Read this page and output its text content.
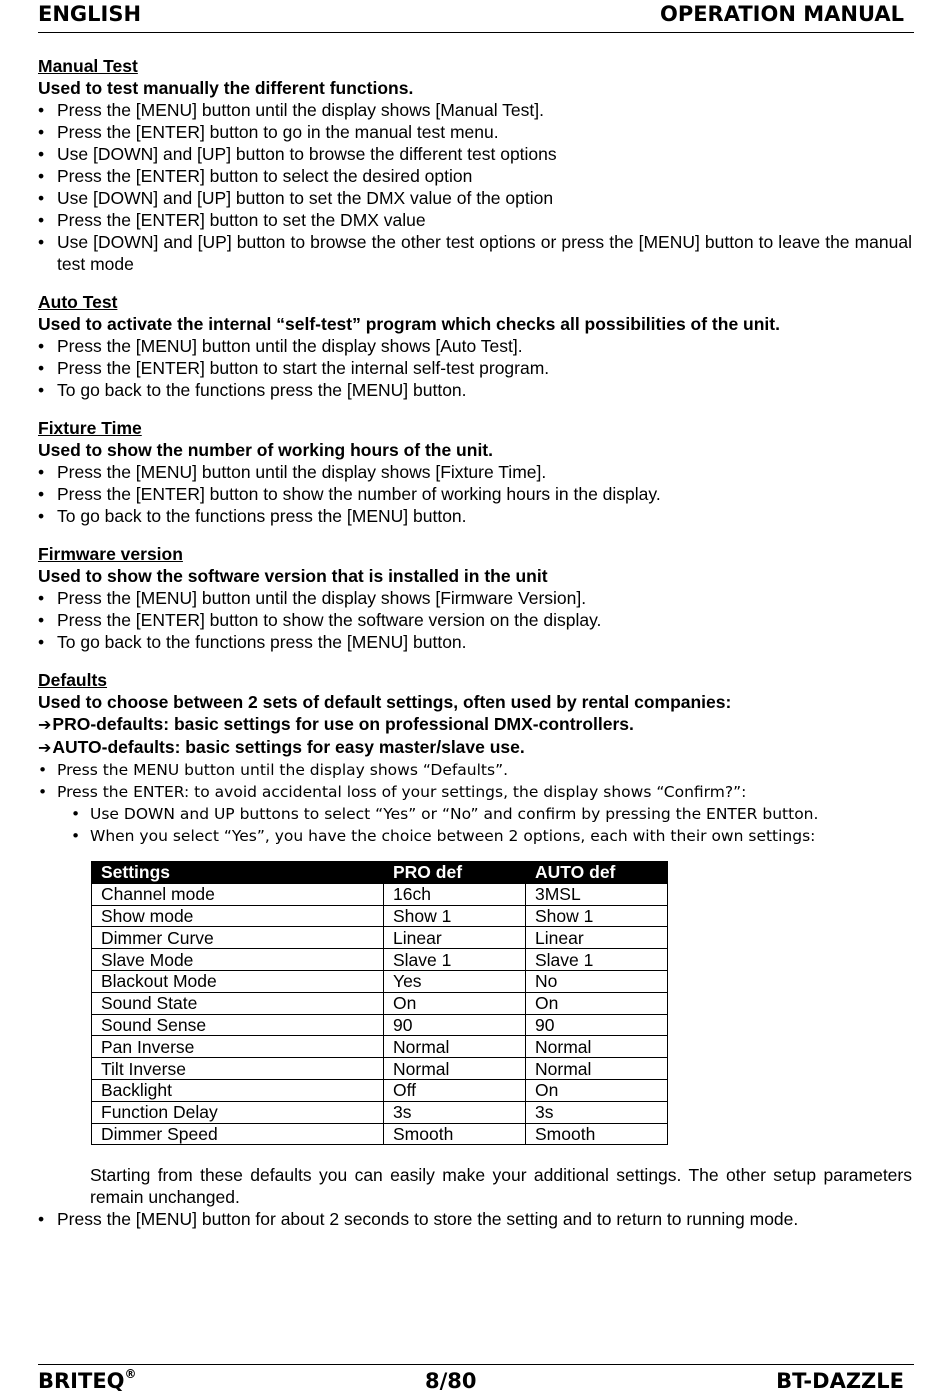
ENGLISH	OPERATION MANUAL
Manual Test
Used to test manually the different functions.
• Press the [MENU] button until the display shows [Manual Test].
• Press the [ENTER] button to go in the manual test menu.
• Use [DOWN] and [UP] button to browse the different test options
• Press the [ENTER] button to select the desired option
• Use [DOWN] and [UP] button to set the DMX value of the option
• Press the [ENTER] button to set the DMX value
• Use [DOWN] and [UP] button to browse the other test options or press the [MENU] button to leave the manual test mode
Auto Test
Used to activate the internal “self-test” program which checks all possibilities of the unit.
• Press the [MENU] button until the display shows [Auto Test].
• Press the [ENTER] button to start the internal self-test program.
• To go back to the functions press the [MENU] button.
Fixture Time
Used to show the number of working hours of the unit.
• Press the [MENU] button until the display shows [Fixture Time].
• Press the [ENTER] button to show the number of working hours in the display.
• To go back to the functions press the [MENU] button.
Firmware version
Used to show the software version that is installed in the unit
• Press the [MENU] button until the display shows [Firmware Version].
• Press the [ENTER] button to show the software version on the display.
• To go back to the functions press the [MENU] button.
Defaults
Used to choose between 2 sets of default settings, often used by rental companies:
➔PRO-defaults: basic settings for use on professional DMX-controllers.
➔AUTO-defaults: basic settings for easy master/slave use.
• Press the MENU button until the display shows “Defaults”.
• Press the ENTER: to avoid accidental loss of your settings, the display shows “Confirm?”:
• Use DOWN and UP buttons to select “Yes” or “No” and confirm by pressing the ENTER button.
• When you select “Yes”, you have the choice between 2 options, each with their own settings:
Settings	PRO def	AUTO def
Channel mode	16ch	3MSL
Show mode	Show 1	Show 1
Dimmer Curve	Linear	Linear
Slave Mode	Slave 1	Slave 1
Blackout Mode	Yes	No
Sound State	On	On
Sound Sense	90	90
Pan Inverse	Normal	Normal
Tilt Inverse	Normal	Normal
Backlight	Off	On
Function Delay	3s	3s
Dimmer Speed	Smooth	Smooth
Starting from these defaults you can easily make your additional settings. The other setup parameters remain unchanged.
• Press the [MENU] button for about 2 seconds to store the setting and to return to running mode.
BRITEQ®	8/80	BT-DAZZLE
